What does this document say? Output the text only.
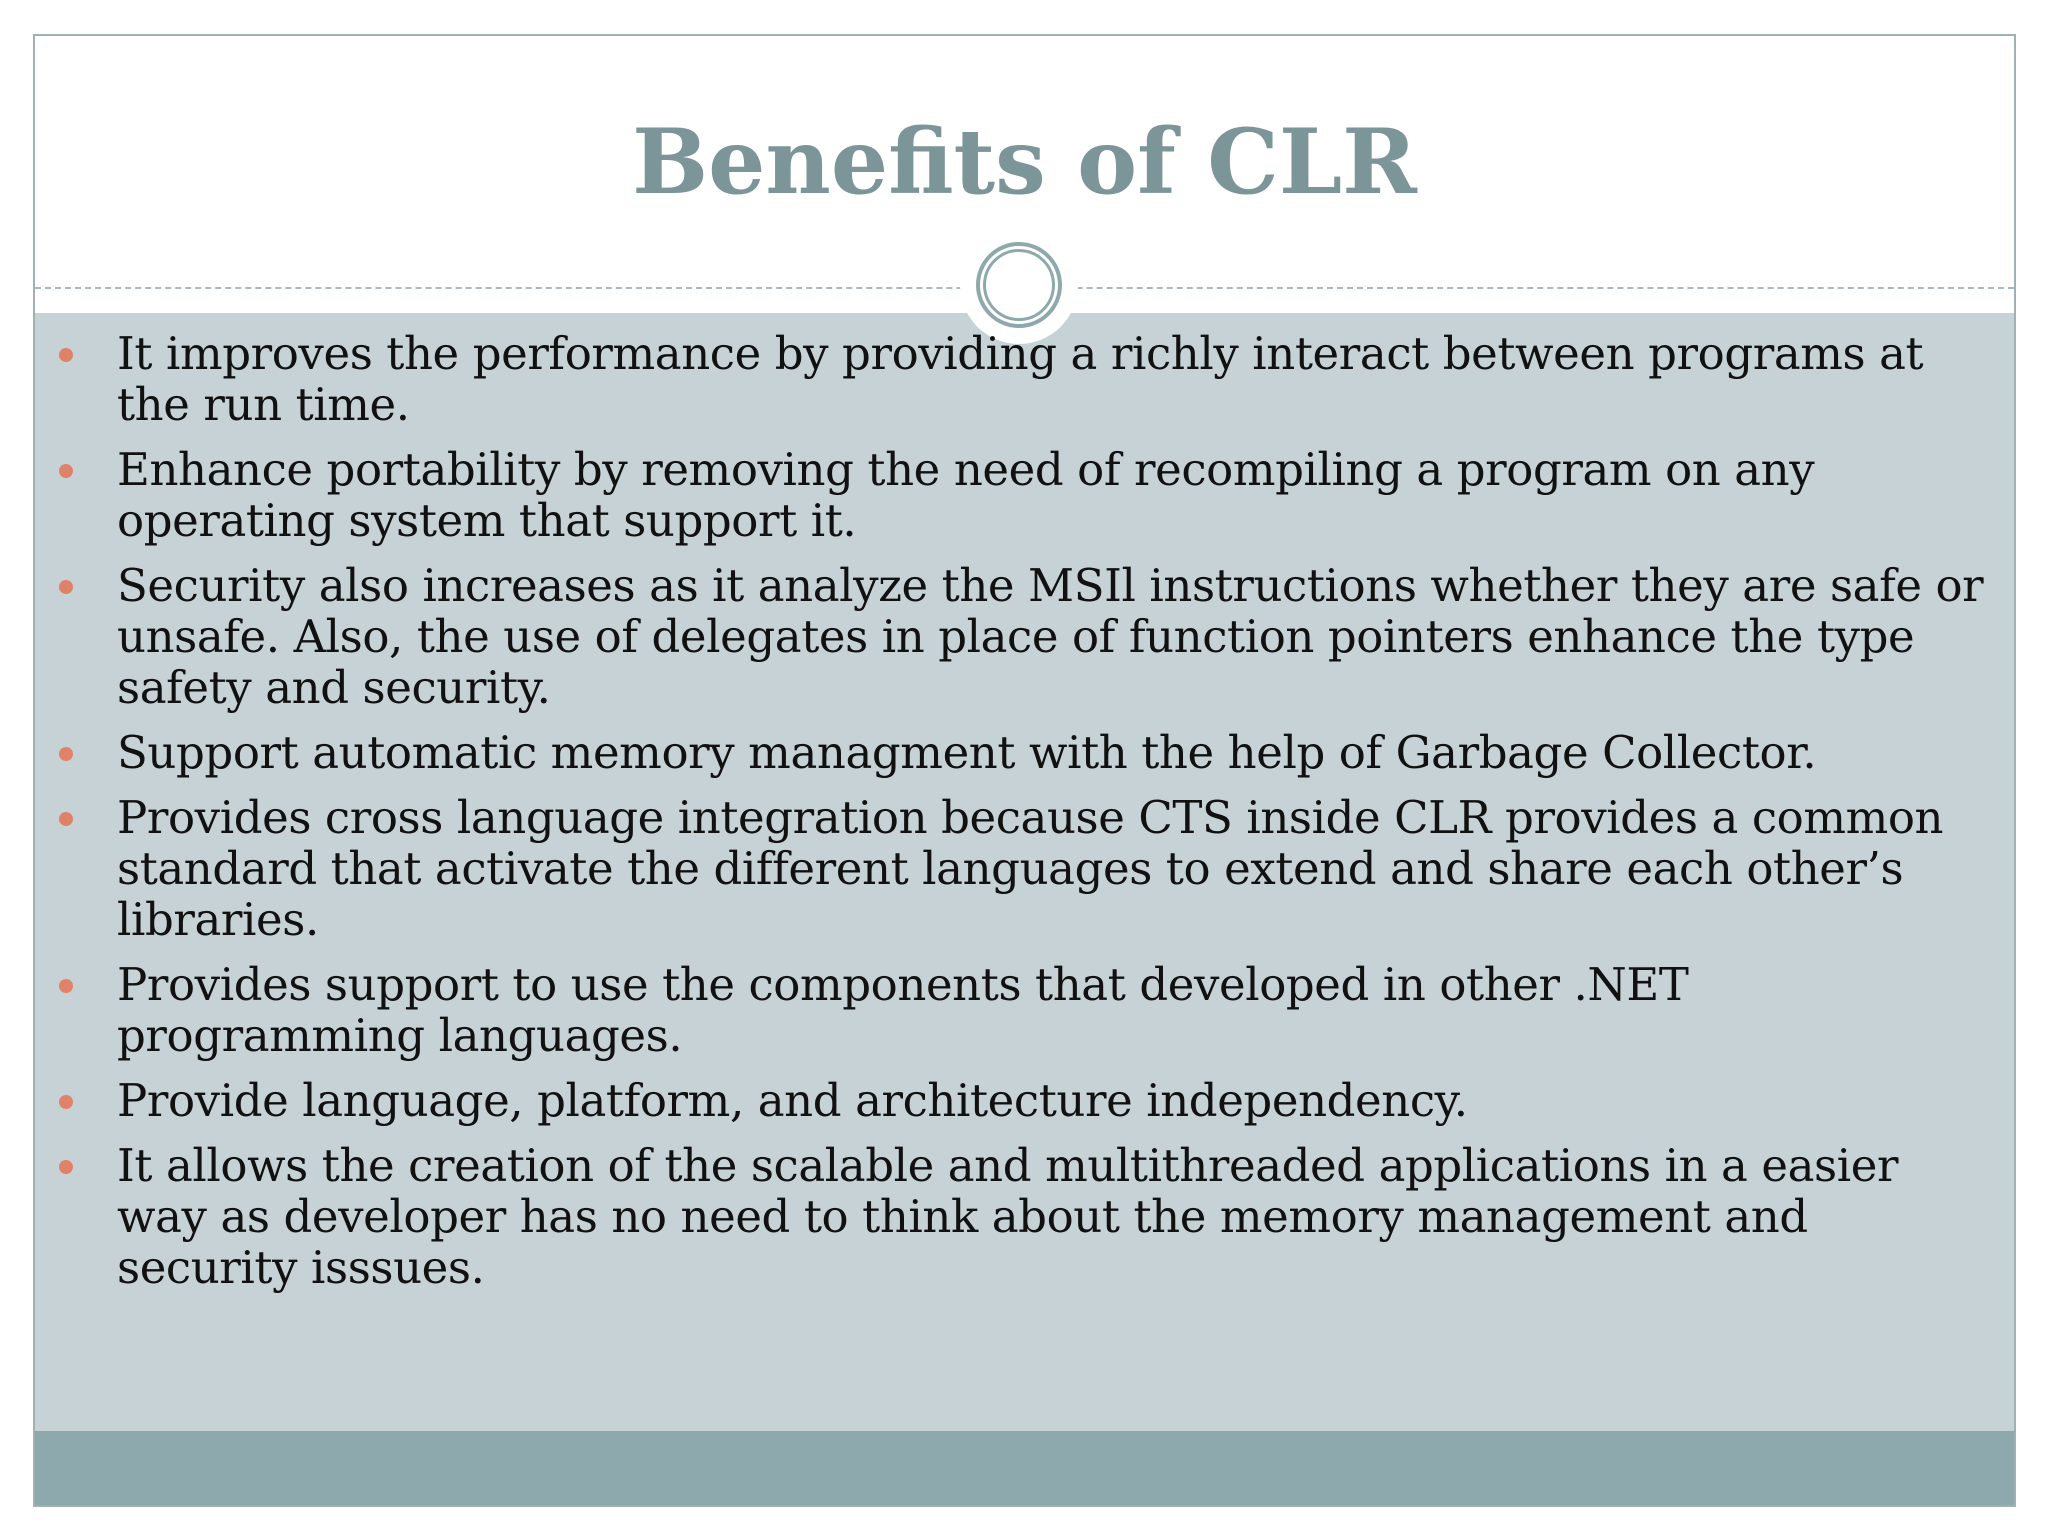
Benefits of CLR
It improves the performance by providing a richly interact between programs at the run time.
Enhance portability by removing the need of recompiling a program on any operating system that support it.
Security also increases as it analyze the MSIl instructions whether they are safe or unsafe. Also, the use of delegates in place of function pointers enhance the type safety and security.
Support automatic memory managment with the help of Garbage Collector.
Provides cross language integration because CTS inside CLR provides a common standard that activate the different languages to extend and share each other’s libraries.
Provides support to use the components that developed in other .NET programming languages.
Provide language, platform, and architecture independency.
It allows the creation of the scalable and multithreaded applications in a easier way as developer has no need to think about the memory management and security isssues.
